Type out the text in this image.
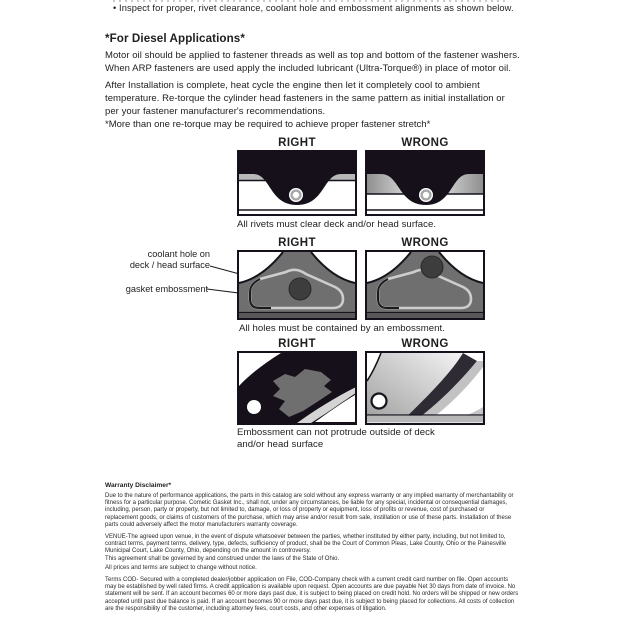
• Inspect for proper, rivet clearance, coolant hole and embossment alignments as shown below.
*For Diesel Applications*
Motor oil should be applied to fastener threads as well as top and bottom of the fastener washers. When ARP fasteners are used apply the included lubricant (Ultra-Torque®) in place of motor oil.
After Installation is complete, heat cycle the engine then let it completely cool to ambient temperature. Re-torque the cylinder head fasteners in the same pattern as initial installation or per your fastener manufacturer's recommendations.
*More than one re-torque may be required to achieve proper fastener stretch*
RIGHT	WRONG
All rivets must clear deck and/or head surface.
RIGHT	WRONG
coolant hole on
deck / head surface
gasket embossment
All holes must be contained by an embossment.
RIGHT	WRONG
Embossment can not protrude outside of deck and/or head surface
Warranty Disclaimer*
Due to the nature of performance applications, the parts in this catalog are sold without any express warranty or any implied warranty of merchantability or fitness for a particular purpose. Cometic Gasket Inc., shall not, under any circumstances, be liable for any special, incidental or consequential damages, including, person, party or property, but not limited to, damage, or loss of property or equipment, loss of profits or revenue, cost of purchased or replacement goods, or claims of customers of the purchase, which may arise and/or result from sale, instillation or use of these parts. Installation of these parts could adversely affect the motor manufacturers warranty coverage.
VENUE-The agreed upon venue, in the event of dispute whatsoever between the parties, whether instituted by either party, including, but not limited to, contract terms, payment terms, delivery, type, defects, sufficiency of product, shall be the Court of Common Pleas, Lake County, Ohio or the Painesville Municipal Court, Lake County, Ohio, depending on the amount in controversy.
This agreement shall be governed by and construed under the laws of the State of Ohio.
All prices and terms are subject to change without notice.
Terms COD- Secured with a completed dealer/jobber application on File, COD-Company check with a current credit card number on file. Open accounts may be established by well rated firms. A credit application is available upon request. Open accounts are due payable Net 30 days from date of invoice. No statement will be sent. If an account becomes 60 or more days past due, it is subject to being placed on credit hold. No orders will be shipped or new orders accepted until past due balance is paid. If an account becomes 90 or more days past due, it is subject to being placed for collections. All costs of collection are the responsibility of the customer, including attorney fees, court costs, and other expenses of litigation.
